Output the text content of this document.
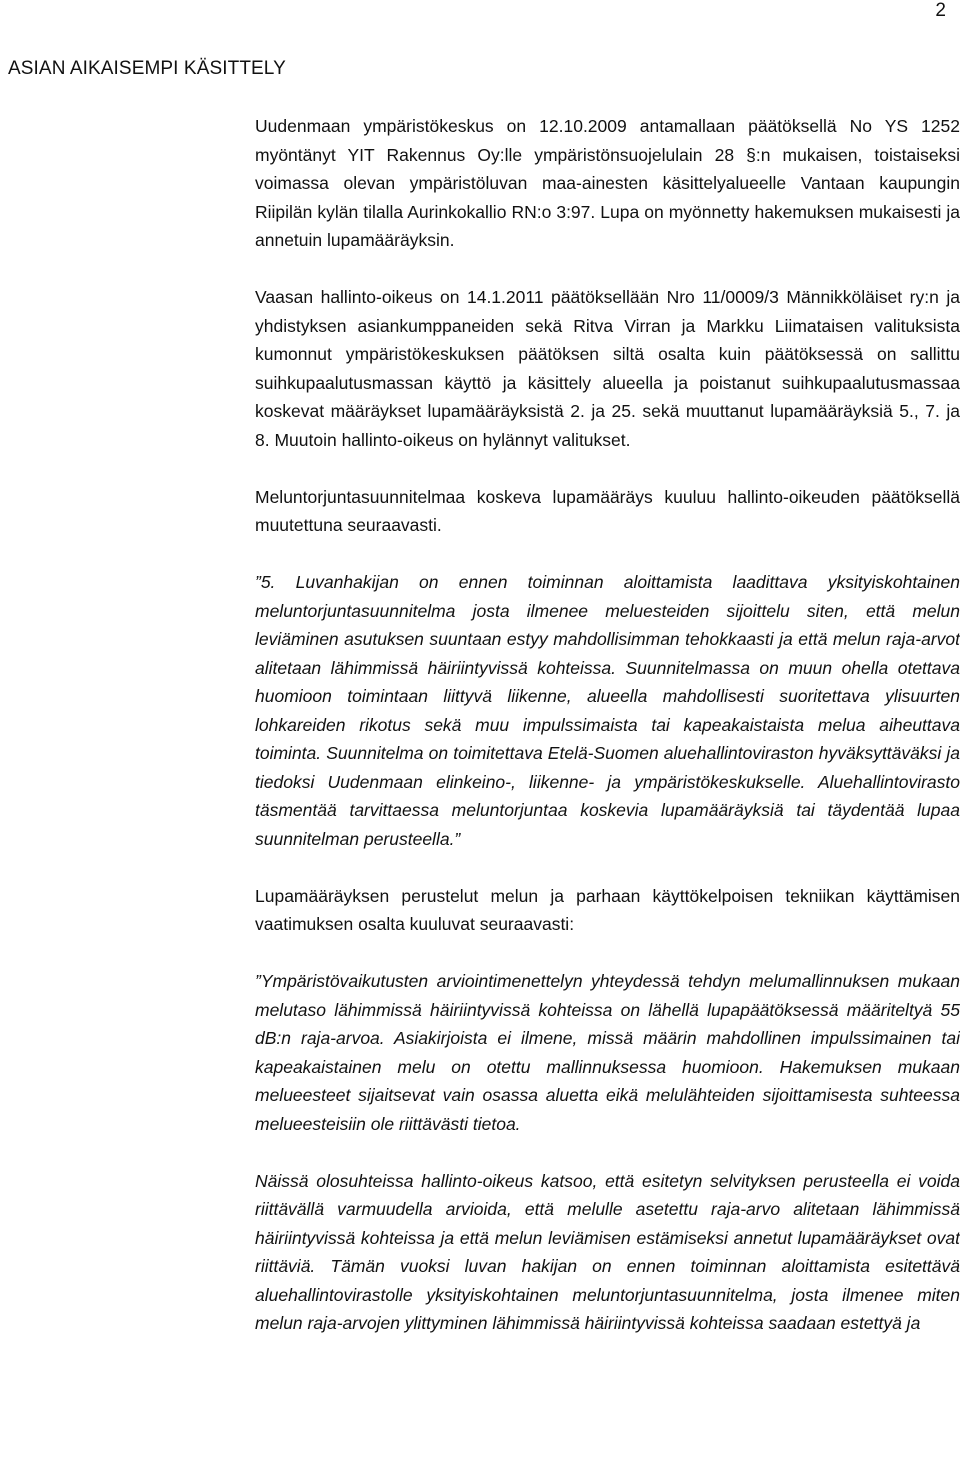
2
ASIAN AIKAISEMPI KÄSITTELY

Uudenmaan ympäristökeskus on 12.10.2009 antamallaan päätöksellä No YS 1252 myöntänyt YIT Rakennus Oy:lle ympäristönsuojelulain 28 §:n mukaisen, toistaiseksi voimassa olevan ympäristöluvan maa-ainesten käsittelyalueelle Vantaan kaupungin Riipilän kylän tilalla Aurinkokallio RN:o 3:97. Lupa on myönnetty hakemuksen mukaisesti ja annetuin lupamääräyksin.

Vaasan hallinto-oikeus on 14.1.2011 päätöksellään Nro 11/0009/3 Männikköläiset ry:n ja yhdistyksen asiankumppaneiden sekä Ritva Virran ja Markku Liimataisen valituksista kumonnut ympäristökeskuksen päätöksen siltä osalta kuin päätöksessä on sallittu suihkupaalutusmassan käyttö ja käsittely alueella ja poistanut suihkupaalutusmassaa koskevat määräykset lupamääräyksistä 2. ja 25. sekä muuttanut lupamääräyksiä 5., 7. ja 8. Muutoin hallinto-oikeus on hylännyt valitukset.

Meluntorjuntasuunnitelmaa koskeva lupamääräys kuuluu hallinto-oikeuden päätöksellä muutettuna seuraavasti.

”5. Luvanhakijan on ennen toiminnan aloittamista laadittava yksityiskohtainen meluntorjuntasuunnitelma josta ilmenee meluesteiden sijoittelu siten, että melun leviäminen asutuksen suuntaan estyy mahdollisimman tehokkaasti ja että melun raja-arvot alitetaan lähimmissä häiriintyvissä kohteissa. Suunnitelmassa on muun ohella otettava huomioon toimintaan liittyvä liikenne, alueella mahdollisesti suoritettava ylisuurten lohkareiden rikotus sekä muu impulssimaista tai kapeakaistaista melua aiheuttava toiminta. Suunnitelma on toimitettava Etelä-Suomen aluehallintoviraston hyväksyttäväksi ja tiedoksi Uudenmaan elinkeino-, liikenne- ja ympäristökeskukselle. Aluehallintovirasto täsmentää tarvittaessa meluntorjuntaa koskevia lupamääräyksiä tai täydentää lupaa suunnitelman perusteella.”

Lupamääräyksen perustelut melun ja parhaan käyttökelpoisen tekniikan käyttämisen vaatimuksen osalta kuuluvat seuraavasti:

”Ympäristövaikutusten arviointimenettelyn yhteydessä tehdyn melumallinnuksen mukaan melutaso lähimmissä häiriintyvissä kohteissa on lähellä lupapäätöksessä määriteltyä 55 dB:n raja-arvoa. Asiakirjoista ei ilmene, missä määrin mahdollinen impulssimainen tai kapeakaistainen melu on otettu mallinnuksessa huomioon. Hakemuksen mukaan melueesteet sijaitsevat vain osassa aluetta eikä melulähteiden sijoittamisesta suhteessa melueesteisiin ole riittävästi tietoa.

Näissä olosuhteissa hallinto-oikeus katsoo, että esitetyn selvityksen perusteella ei voida riittävällä varmuudella arvioida, että melulle asetettu raja-arvo alitetaan lähimmissä häiriintyvissä kohteissa ja että melun leviämisen estämiseksi annetut lupamääräykset ovat riittäviä. Tämän vuoksi luvan hakijan on ennen toiminnan aloittamista esitettävä aluehallintovirastolle yksityiskohtainen meluntorjuntasuunnitelma, josta ilmenee miten melun raja-arvojen ylittyminen lähimmissä häiriintyvissä kohteissa saadaan estettyä ja
